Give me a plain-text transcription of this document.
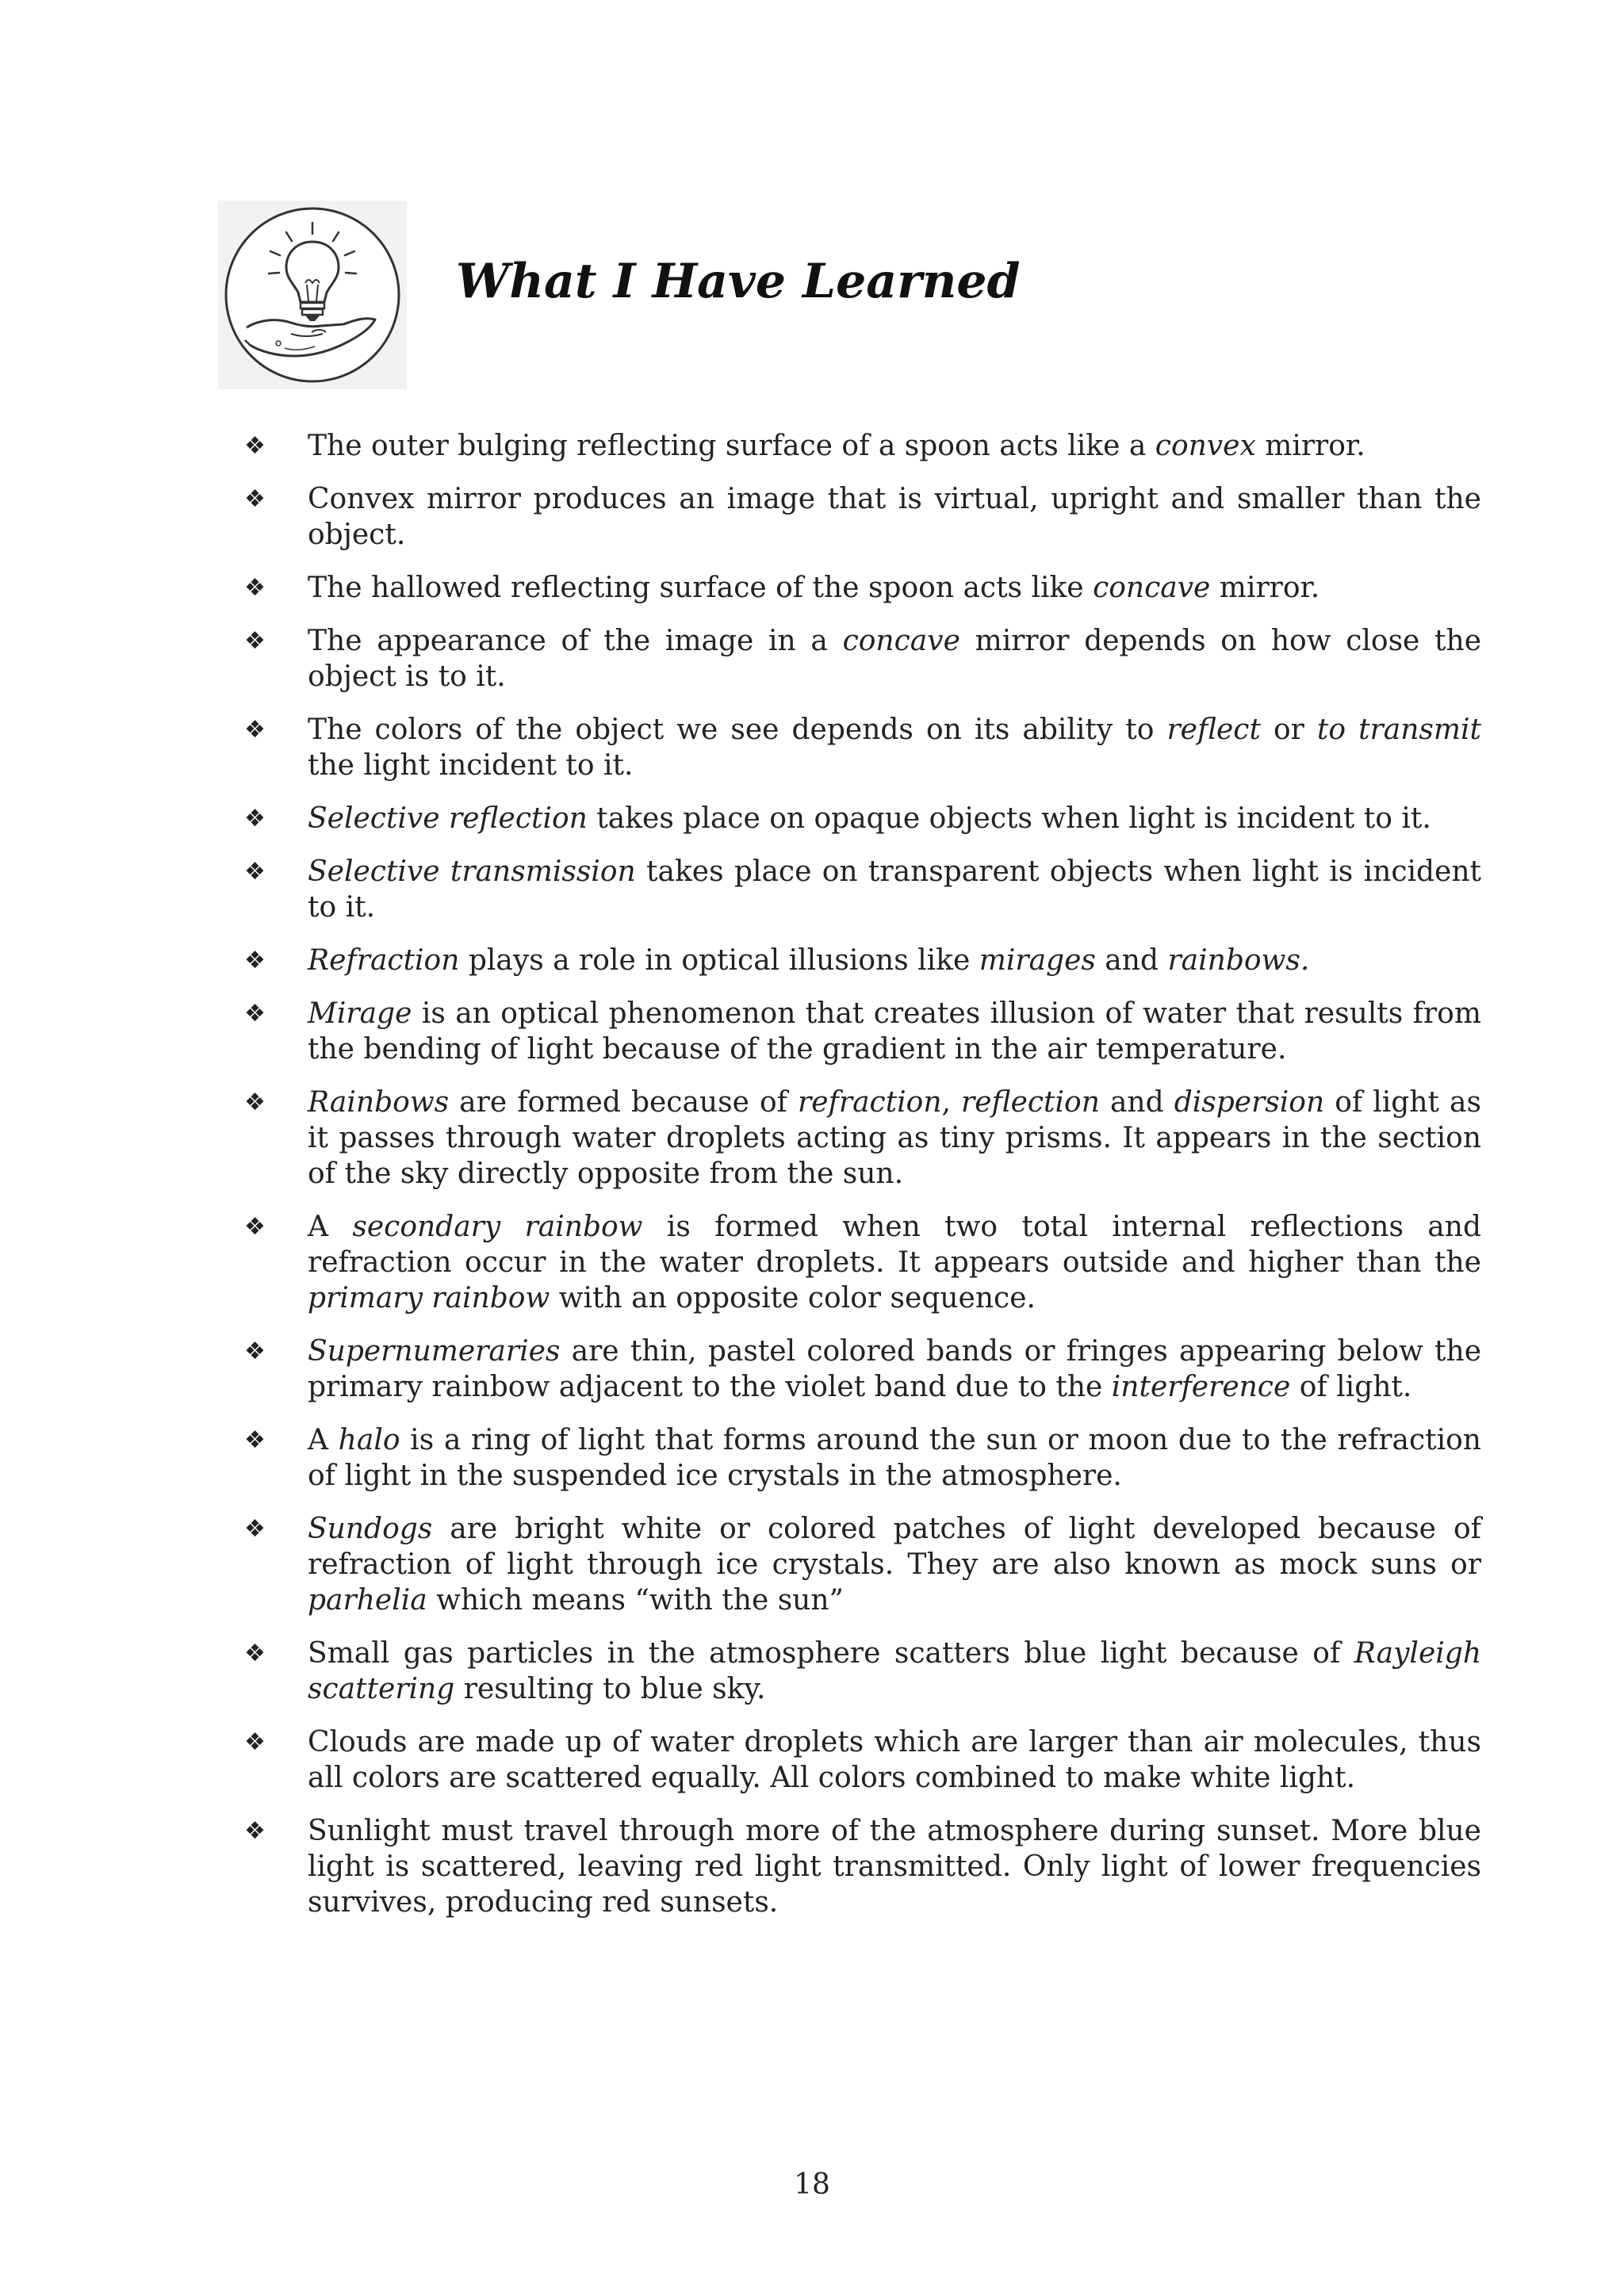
What I Have Learned
❖	The outer bulging reflecting surface of a spoon acts like a convex mirror.
❖	Convex mirror produces an image that is virtual, upright and smaller than the object.
❖	The hallowed reflecting surface of the spoon acts like concave mirror.
❖	The appearance of the image in a concave mirror depends on how close the object is to it.
❖	The colors of the object we see depends on its ability to reflect or to transmit the light incident to it.
❖	Selective reflection takes place on opaque objects when light is incident to it.
❖	Selective transmission takes place on transparent objects when light is incident to it.
❖	Refraction plays a role in optical illusions like mirages and rainbows.
❖	Mirage is an optical phenomenon that creates illusion of water that results from the bending of light because of the gradient in the air temperature.
❖	Rainbows are formed because of refraction, reflection and dispersion of light as it passes through water droplets acting as tiny prisms. It appears in the section of the sky directly opposite from the sun.
❖	A secondary rainbow is formed when two total internal reflections and refraction occur in the water droplets. It appears outside and higher than the primary rainbow with an opposite color sequence.
❖	Supernumeraries are thin, pastel colored bands or fringes appearing below the primary rainbow adjacent to the violet band due to the interference of light.
❖	A halo is a ring of light that forms around the sun or moon due to the refraction of light in the suspended ice crystals in the atmosphere.
❖	Sundogs are bright white or colored patches of light developed because of refraction of light through ice crystals. They are also known as mock suns or parhelia which means “with the sun”
❖	Small gas particles in the atmosphere scatters blue light because of Rayleigh scattering resulting to blue sky.
❖	Clouds are made up of water droplets which are larger than air molecules, thus all colors are scattered equally. All colors combined to make white light.
❖	Sunlight must travel through more of the atmosphere during sunset. More blue light is scattered, leaving red light transmitted. Only light of lower frequencies survives, producing red sunsets.
18
